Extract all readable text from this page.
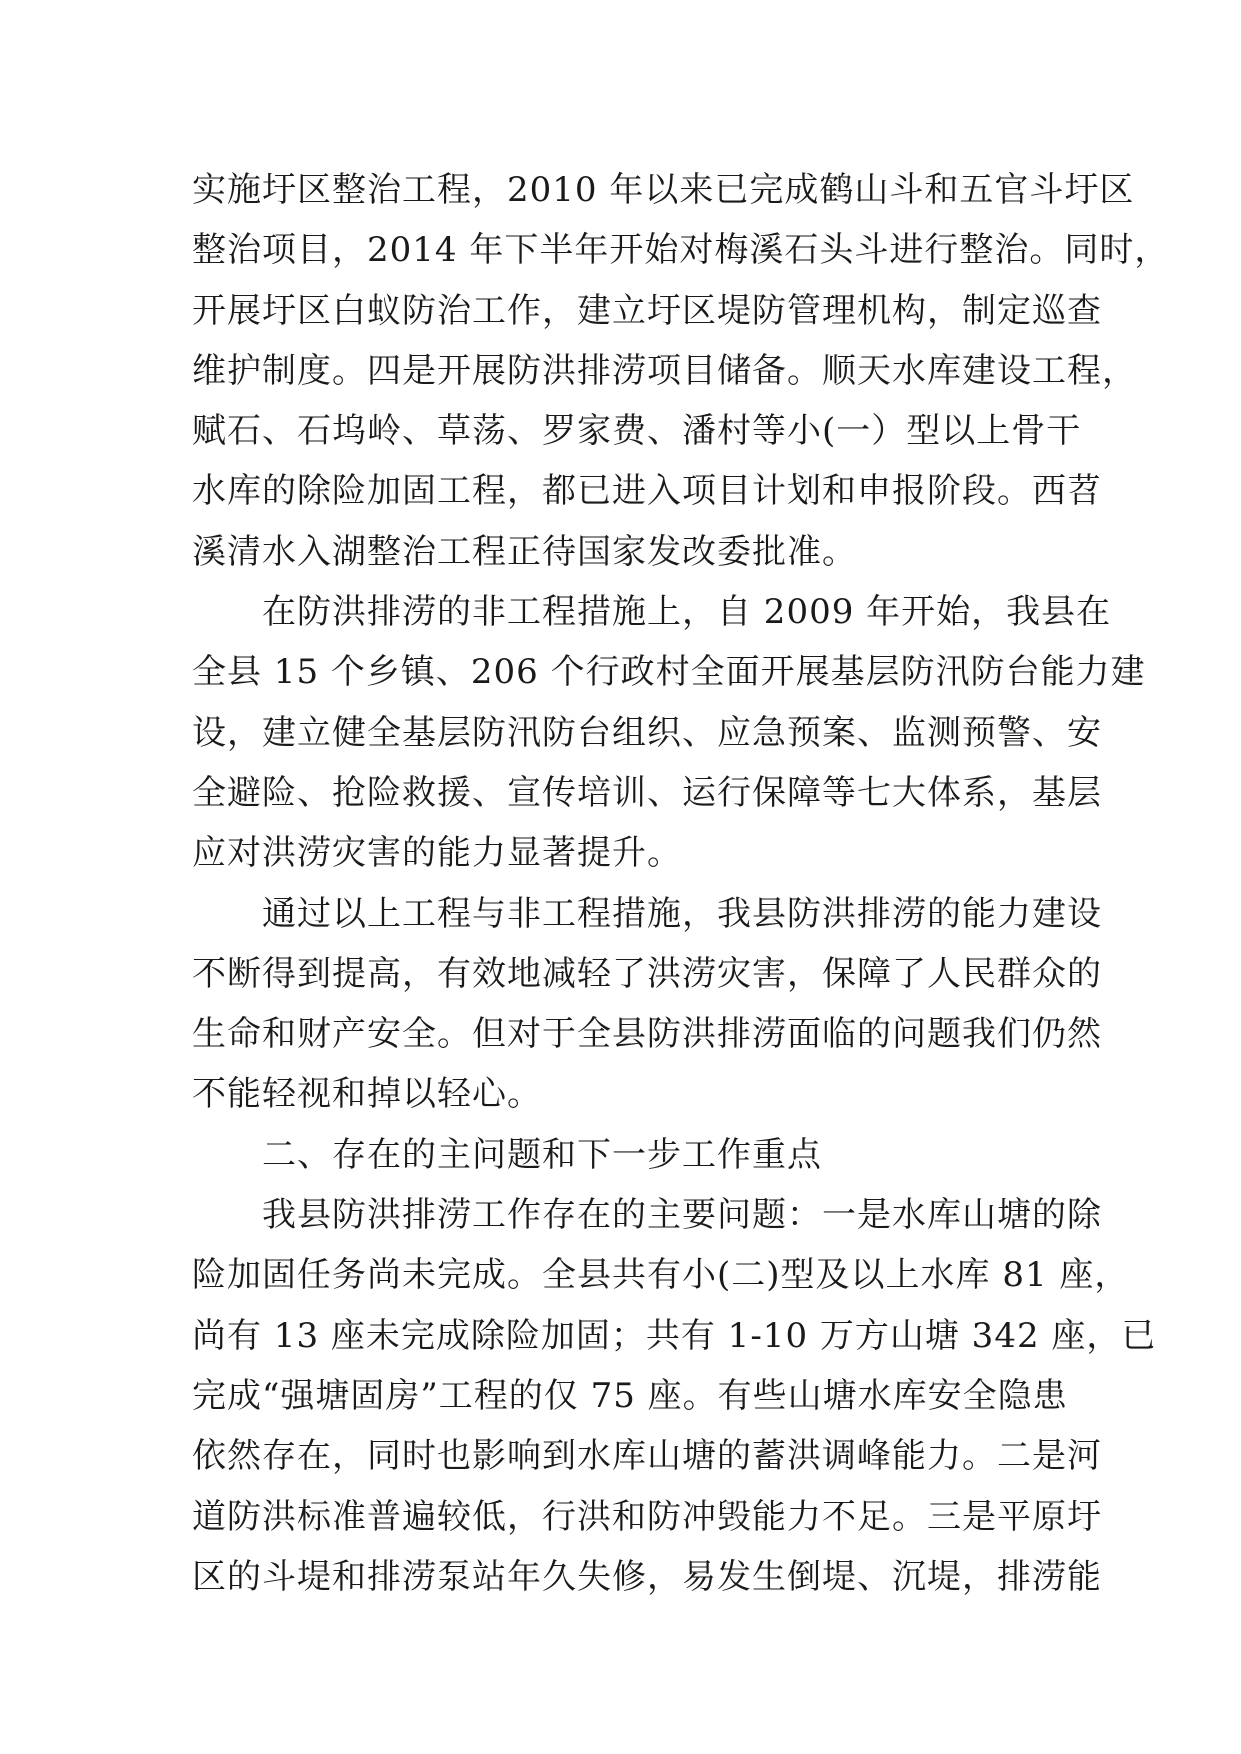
实施圩区整治工程，2010 年以来已完成鹤山斗和五官斗圩区
整治项目，2014 年下半年开始对梅溪石头斗进行整治。同时，
开展圩区白蚁防治工作，建立圩区堤防管理机构，制定巡查
维护制度。四是开展防洪排涝项目储备。顺天水库建设工程，
赋石、石坞岭、草荡、罗家费、潘村等小(一）型以上骨干
水库的除险加固工程，都已进入项目计划和申报阶段。西苕
溪清水入湖整治工程正待国家发改委批准。
　　在防洪排涝的非工程措施上，自 2009 年开始，我县在
全县 15 个乡镇、206 个行政村全面开展基层防汛防台能力建
设，建立健全基层防汛防台组织、应急预案、监测预警、安
全避险、抢险救援、宣传培训、运行保障等七大体系，基层
应对洪涝灾害的能力显著提升。
　　通过以上工程与非工程措施，我县防洪排涝的能力建设
不断得到提高，有效地减轻了洪涝灾害，保障了人民群众的
生命和财产安全。但对于全县防洪排涝面临的问题我们仍然
不能轻视和掉以轻心。
　　二、存在的主问题和下一步工作重点
　　我县防洪排涝工作存在的主要问题：一是水库山塘的除
险加固任务尚未完成。全县共有小(二)型及以上水库 81 座，
尚有 13 座未完成除险加固；共有 1-10 万方山塘 342 座，已
完成“强塘固房”工程的仅 75 座。有些山塘水库安全隐患
依然存在，同时也影响到水库山塘的蓄洪调峰能力。二是河
道防洪标准普遍较低，行洪和防冲毁能力不足。三是平原圩
区的斗堤和排涝泵站年久失修，易发生倒堤、沉堤，排涝能
